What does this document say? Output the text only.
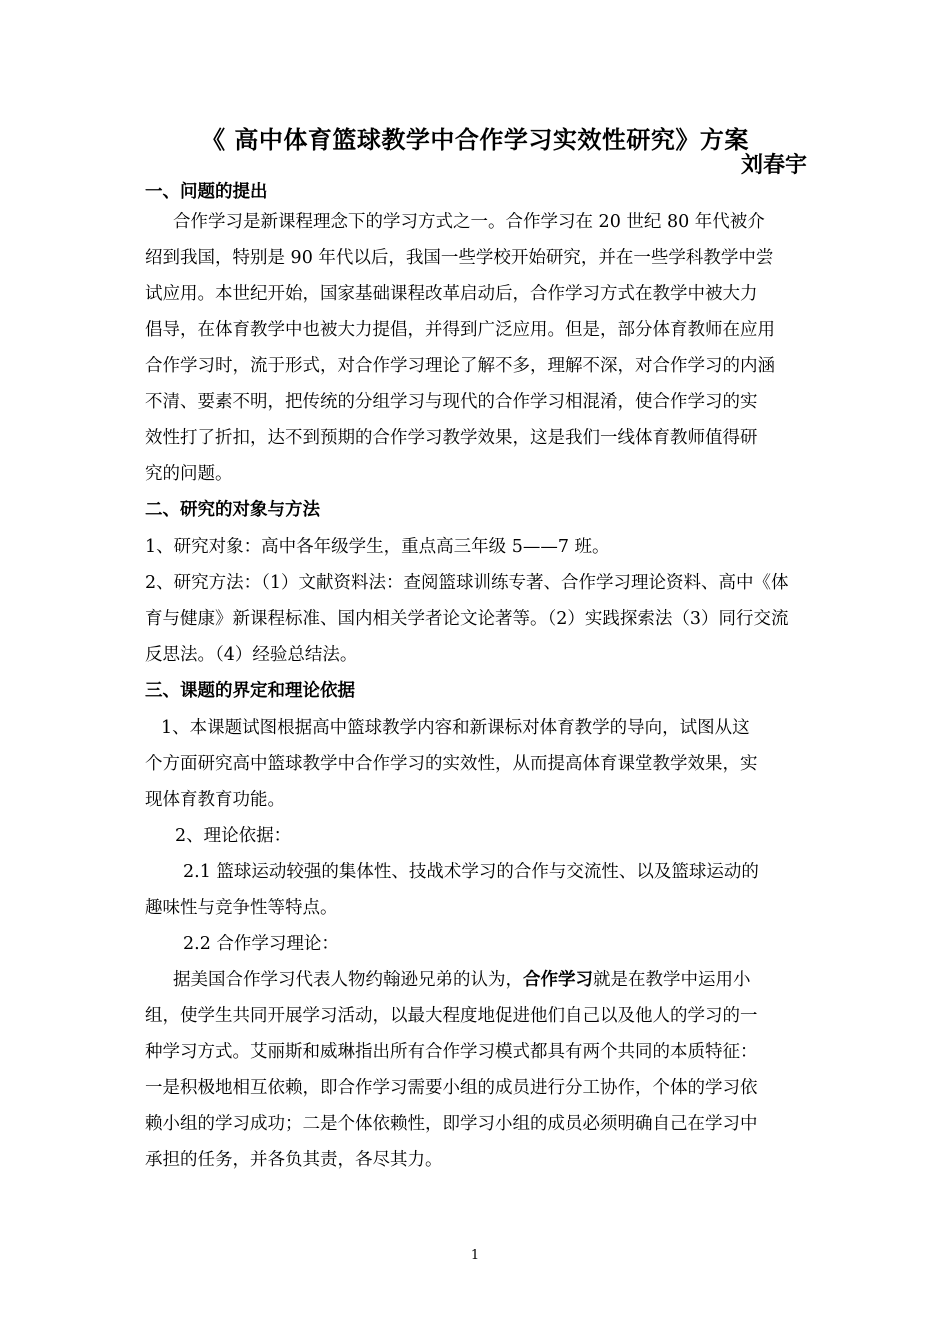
《 高中体育篮球教学中合作学习实效性研究》方案
刘春宇
一、问题的提出
合作学习是新课程理念下的学习方式之一。合作学习在 20 世纪 80 年代被介
绍到我国，特别是 90 年代以后，我国一些学校开始研究，并在一些学科教学中尝
试应用。本世纪开始，国家基础课程改革启动后，合作学习方式在教学中被大力
倡导，在体育教学中也被大力提倡，并得到广泛应用。但是，部分体育教师在应用
合作学习时，流于形式，对合作学习理论了解不多，理解不深，对合作学习的内涵
不清、要素不明，把传统的分组学习与现代的合作学习相混淆，使合作学习的实
效性打了折扣，达不到预期的合作学习教学效果，这是我们一线体育教师值得研
究的问题。
二、研究的对象与方法
1、研究对象：高中各年级学生，重点高三年级 5——7 班。
2、研究方法：（1）文献资料法：查阅篮球训练专著、合作学习理论资料、高中《体
育与健康》新课程标准、国内相关学者论文论著等。（2）实践探索法（3）同行交流
反思法。（4）经验总结法。
三、课题的界定和理论依据
1、本课题试图根据高中篮球教学内容和新课标对体育教学的导向，试图从这
个方面研究高中篮球教学中合作学习的实效性，从而提高体育课堂教学效果，实
现体育教育功能。
2、理论依据：
2.1 篮球运动较强的集体性、技战术学习的合作与交流性、以及篮球运动的
趣味性与竞争性等特点。
2.2 合作学习理论：
据美国合作学习代表人物约翰逊兄弟的认为，合作学习就是在教学中运用小
组，使学生共同开展学习活动，以最大程度地促进他们自己以及他人的学习的一
种学习方式。艾丽斯和威琳指出所有合作学习模式都具有两个共同的本质特征：
一是积极地相互依赖，即合作学习需要小组的成员进行分工协作，个体的学习依
赖小组的学习成功；二是个体依赖性，即学习小组的成员必须明确自己在学习中
承担的任务，并各负其责，各尽其力。
1
